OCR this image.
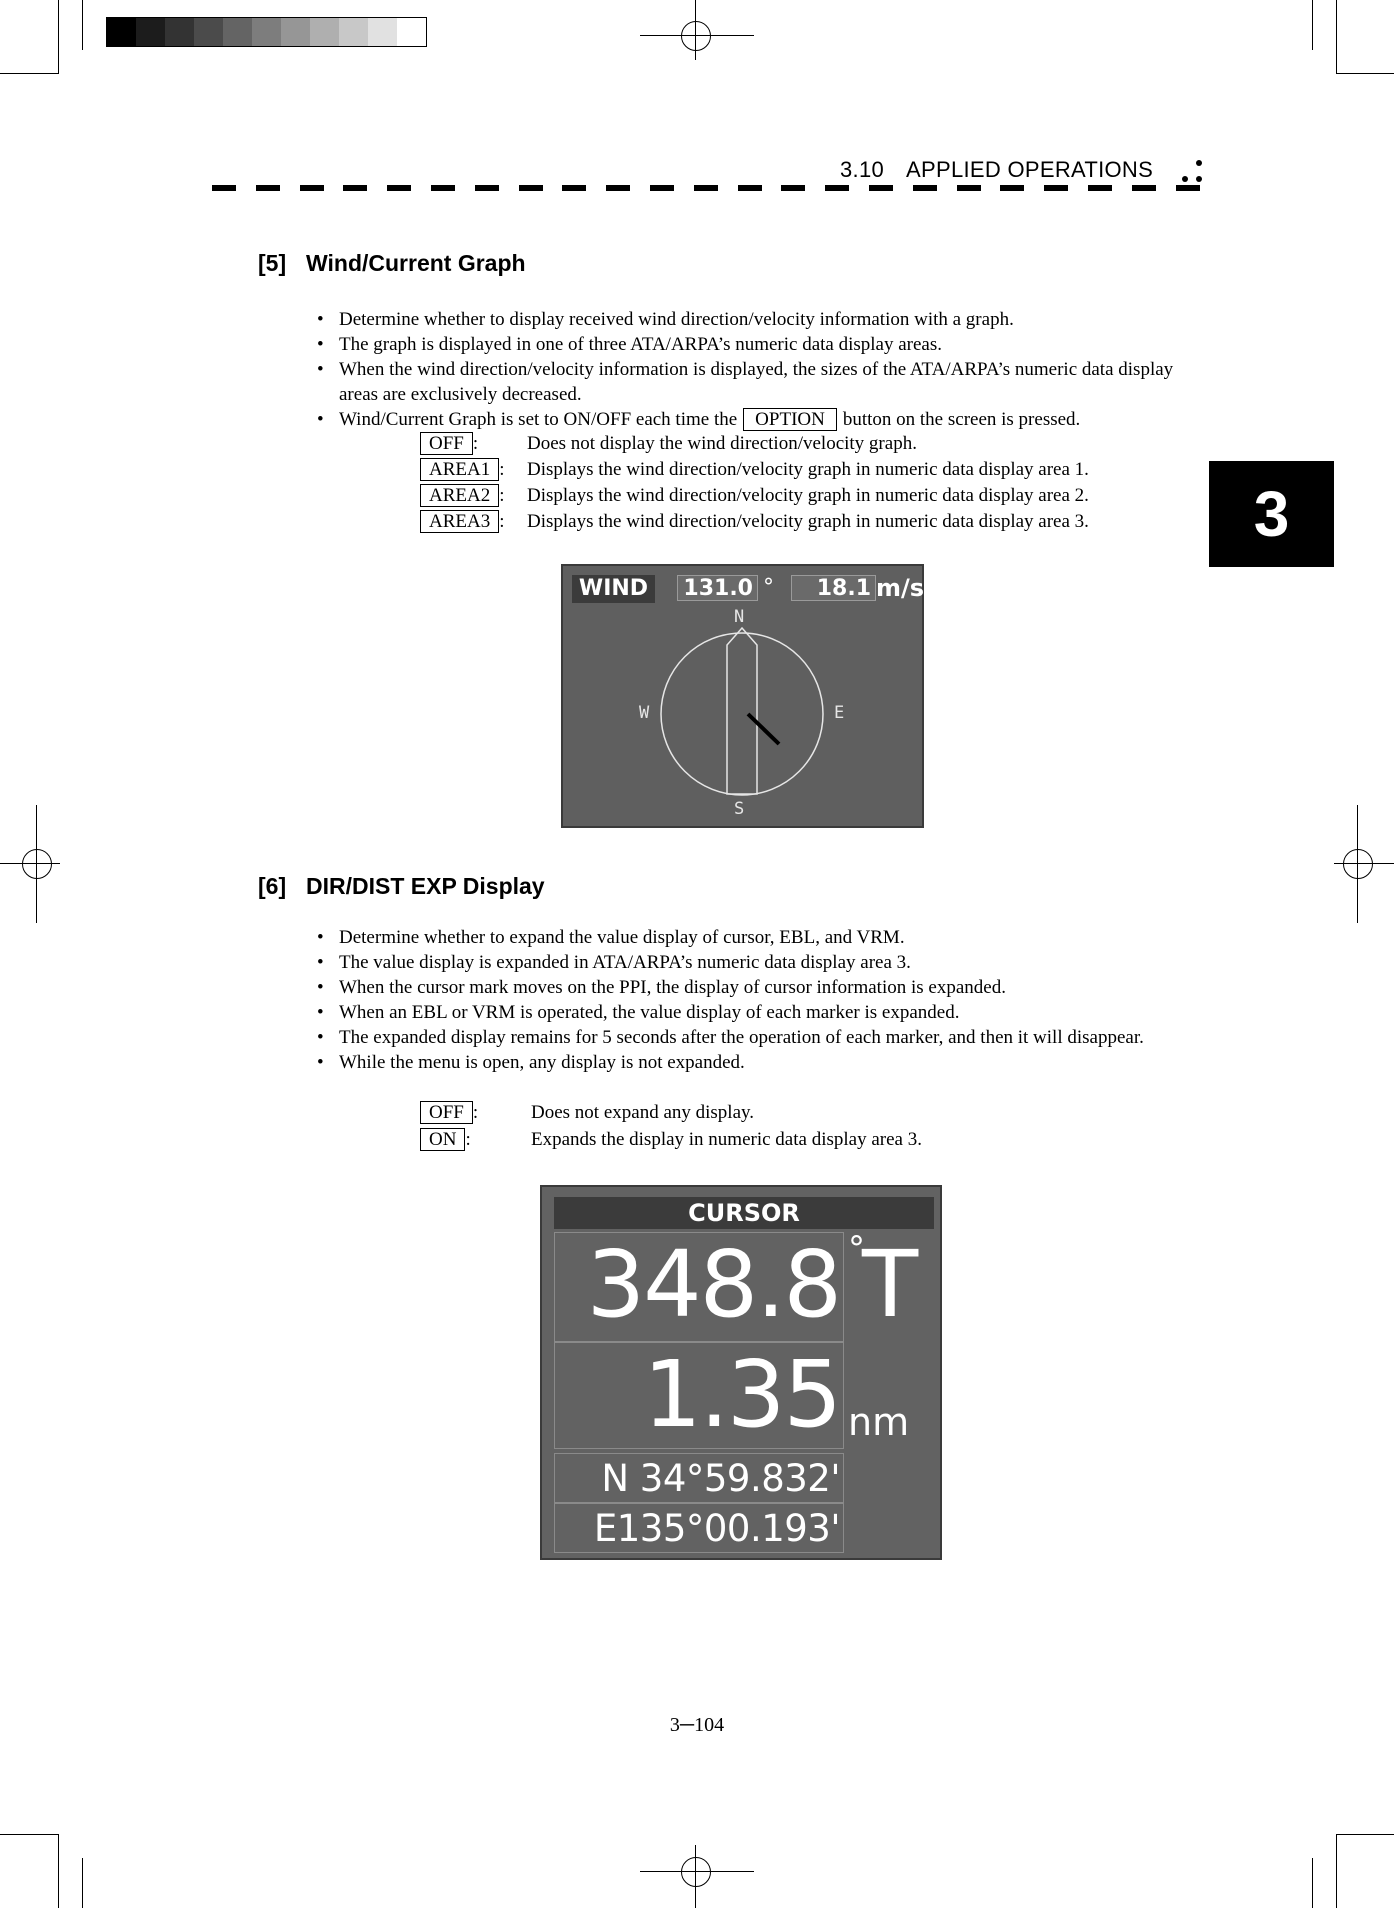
3.10 APPLIED OPERATIONS
3
[5] Wind/Current Graph
• Determine whether to display received wind direction/velocity information with a graph.
• The graph is displayed in one of three ATA/ARPA’s numeric data display areas.
• When the wind direction/velocity information is displayed, the sizes of the ATA/ARPA’s numeric data display areas are exclusively decreased.
• Wind/Current Graph is set to ON/OFF each time the OPTION button on the screen is pressed.
OFF :	Does not display the wind direction/velocity graph.
AREA1 : Displays the wind direction/velocity graph in numeric data display area 1.
AREA2 : Displays the wind direction/velocity graph in numeric data display area 2.
AREA3 : Displays the wind direction/velocity graph in numeric data display area 3.
WIND	131.0 °	18.1 m/s
N
S
E
W
[6] DIR/DIST EXP Display
• Determine whether to expand the value display of cursor, EBL, and VRM.
• The value display is expanded in ATA/ARPA’s numeric data display area 3.
• When the cursor mark moves on the PPI, the display of cursor information is expanded.
• When an EBL or VRM is operated, the value display of each marker is expanded.
• The expanded display remains for 5 seconds after the operation of each marker, and then it will disappear.
• While the menu is open, any display is not expanded.
OFF :	Does not expand any display.
ON :	Expands the display in numeric data display area 3.
CURSOR
348.8 °
T
1.35 nm
N 34°59.832'
E135°00.193'
3─104
